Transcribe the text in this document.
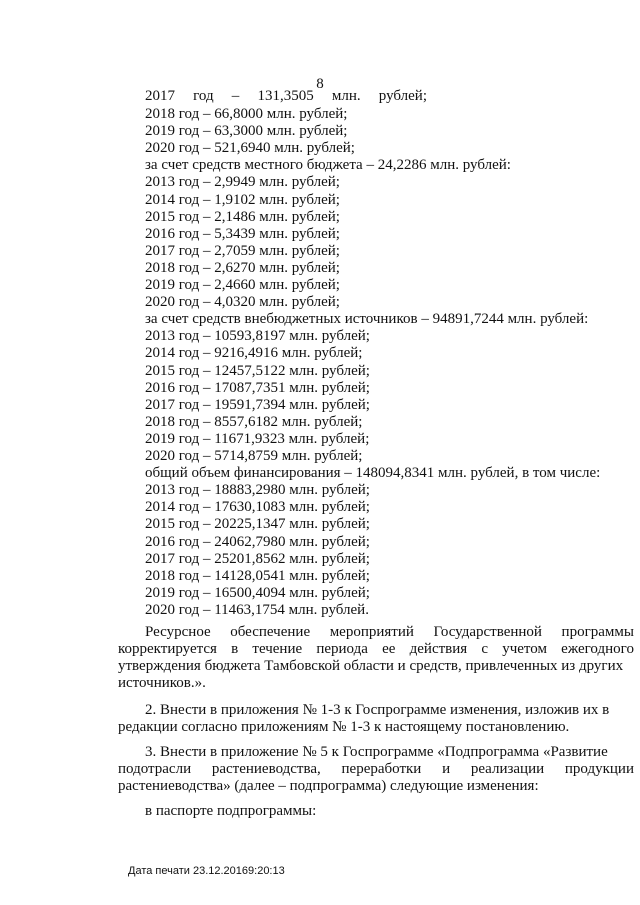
8
2017 год – 131,3505 млн. рублей;
2018 год – 66,8000 млн. рублей;
2019 год – 63,3000 млн. рублей;
2020 год – 521,6940 млн. рублей;
за счет средств местного бюджета – 24,2286 млн. рублей:
2013 год – 2,9949 млн. рублей;
2014 год – 1,9102 млн. рублей;
2015 год – 2,1486 млн. рублей;
2016 год – 5,3439 млн. рублей;
2017 год – 2,7059 млн. рублей;
2018 год – 2,6270 млн. рублей;
2019 год – 2,4660 млн. рублей;
2020 год – 4,0320 млн. рублей;
за счет средств внебюджетных источников – 94891,7244 млн. рублей:
2013 год – 10593,8197 млн. рублей;
2014 год – 9216,4916 млн. рублей;
2015 год – 12457,5122 млн. рублей;
2016 год – 17087,7351 млн. рублей;
2017 год – 19591,7394 млн. рублей;
2018 год – 8557,6182 млн. рублей;
2019 год – 11671,9323 млн. рублей;
2020 год – 5714,8759 млн. рублей;
общий объем финансирования – 148094,8341 млн. рублей, в том числе:
2013 год – 18883,2980 млн. рублей;
2014 год – 17630,1083 млн. рублей;
2015 год – 20225,1347 млн. рублей;
2016 год – 24062,7980 млн. рублей;
2017 год – 25201,8562 млн. рублей;
2018 год – 14128,0541 млн. рублей;
2019 год – 16500,4094 млн. рублей;
2020 год – 11463,1754 млн. рублей.
Ресурсное обеспечение мероприятий Государственной программы
корректируется в течение периода ее действия с учетом ежегодного
утверждения бюджета Тамбовской области и средств, привлеченных из других
источников.».
2. Внести в приложения № 1-3 к Госпрограмме изменения, изложив их в
редакции согласно приложениям № 1-3 к настоящему постановлению.
3. Внести в приложение № 5 к Госпрограмме «Подпрограмма «Развитие
подотрасли растениеводства, переработки и реализации продукции
растениеводства» (далее – подпрограмма) следующие изменения:
в паспорте подпрограммы:
Дата печати 23.12.20169:20:13
